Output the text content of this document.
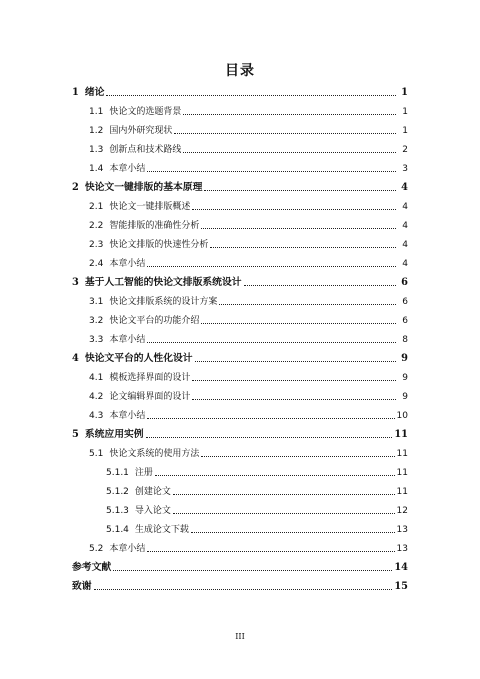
目录
1 绪论	1
1.1 快论文的选题背景	1
1.2 国内外研究现状	1
1.3 创新点和技术路线	2
1.4 本章小结	3
2 快论文一键排版的基本原理	4
2.1 快论文一键排版概述	4
2.2 智能排版的准确性分析	4
2.3 快论文排版的快速性分析	4
2.4 本章小结	4
3 基于人工智能的快论文排版系统设计	6
3.1 快论文排版系统的设计方案	6
3.2 快论文平台的功能介绍	6
3.3 本章小结	8
4 快论文平台的人性化设计	9
4.1 模板选择界面的设计	9
4.2 论文编辑界面的设计	9
4.3 本章小结	10
5 系统应用实例	11
5.1 快论文系统的使用方法	11
5.1.1 注册	11
5.1.2 创建论文	11
5.1.3 导入论文	12
5.1.4 生成论文下载	13
5.2 本章小结	13
参考文献	14
致谢	15
III
